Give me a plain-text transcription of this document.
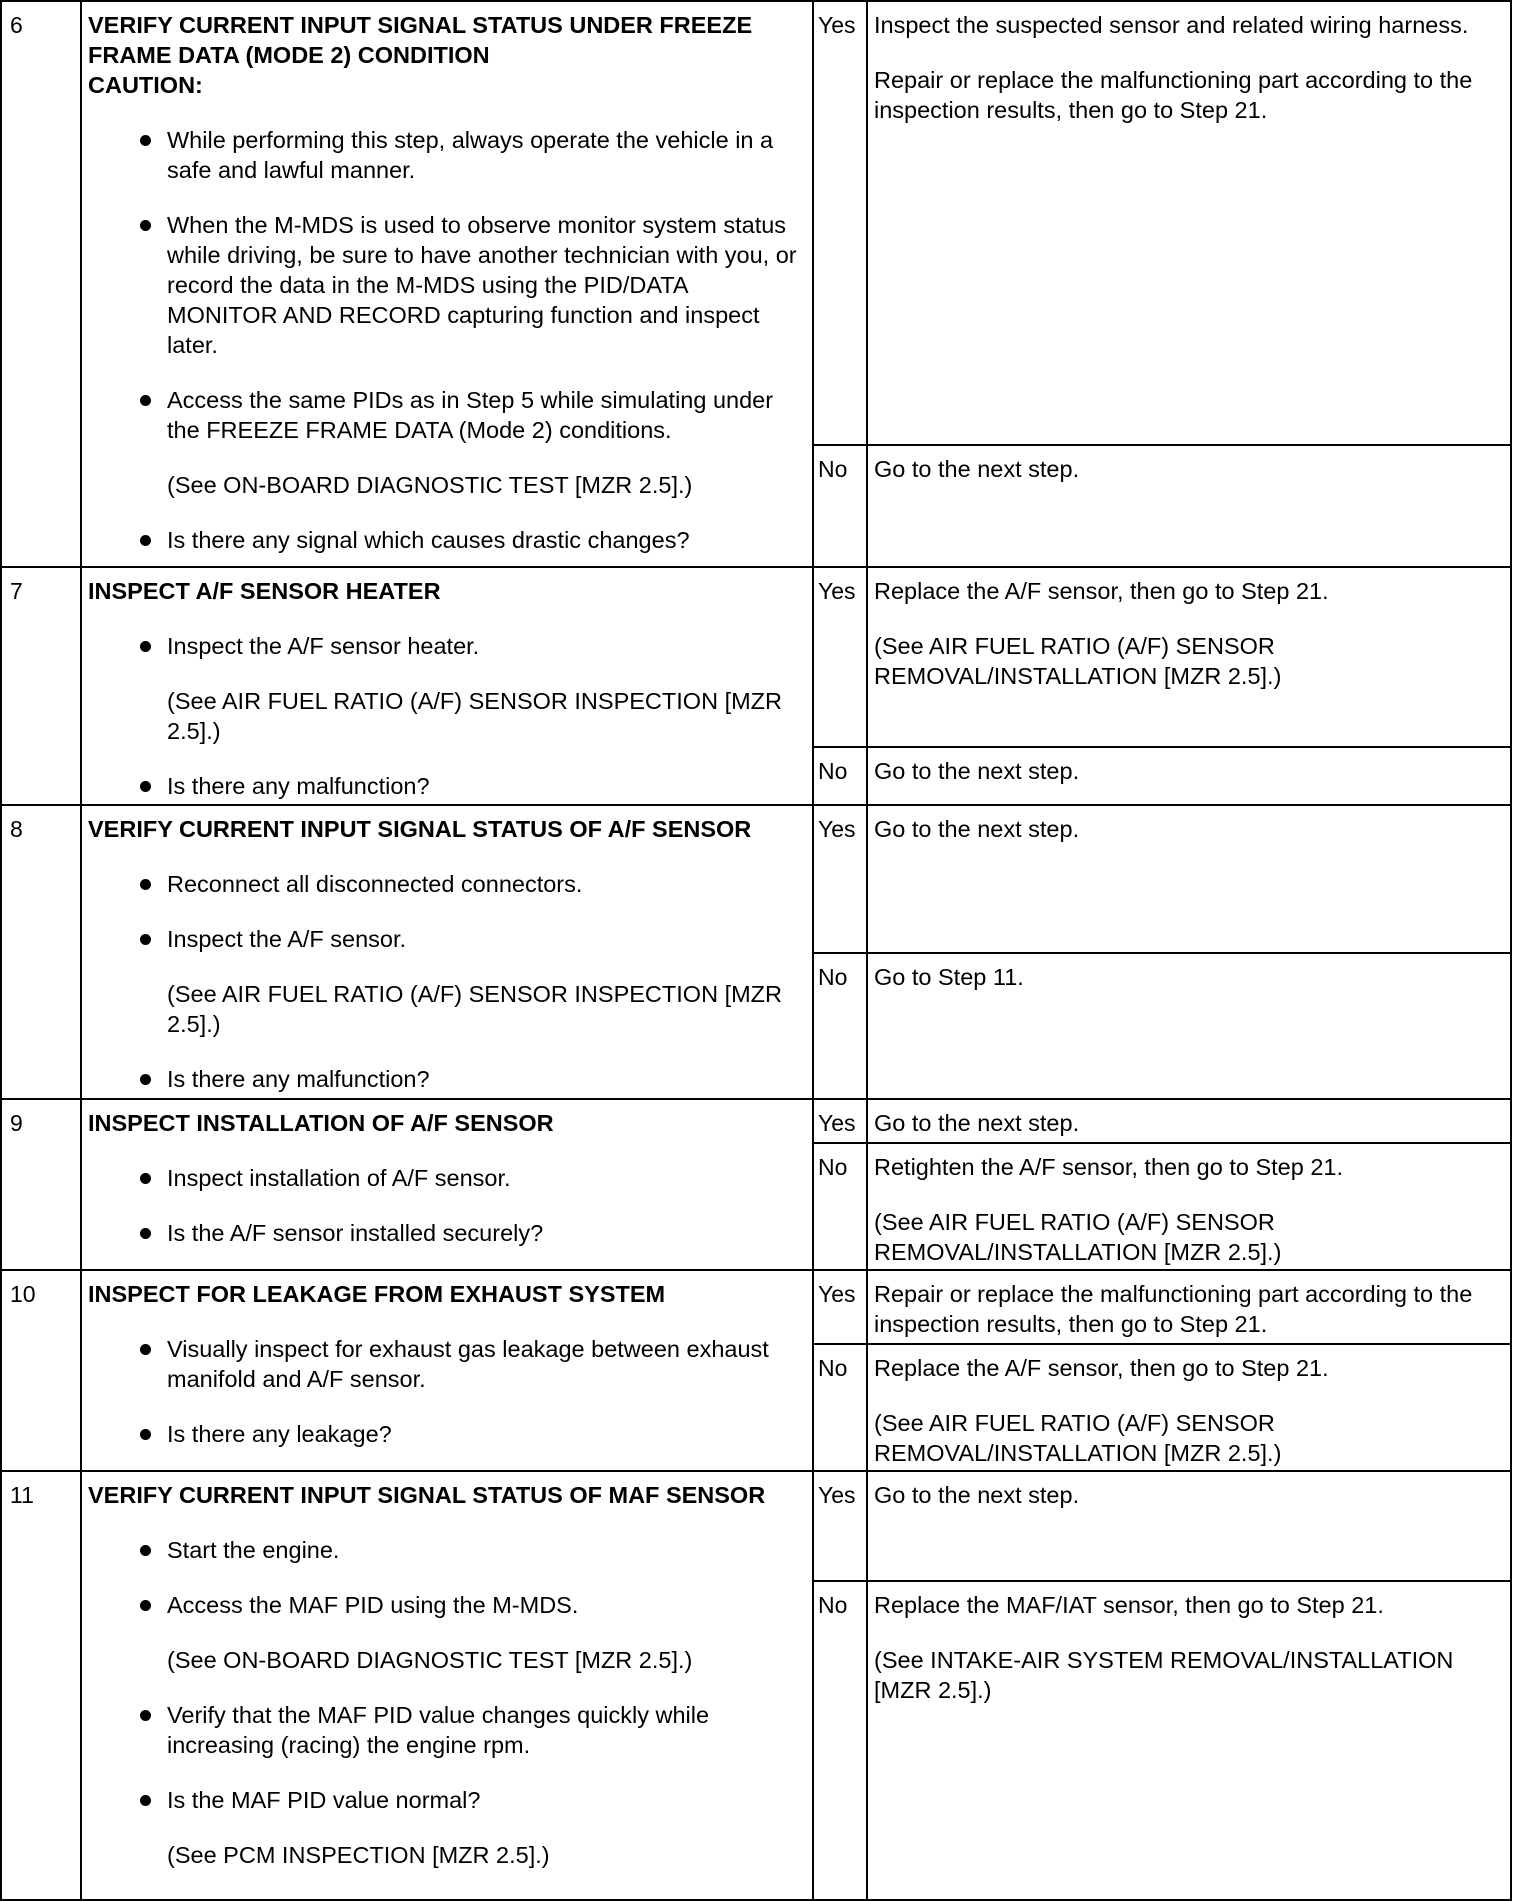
6	VERIFY CURRENT INPUT SIGNAL STATUS UNDER FREEZE FRAME DATA (MODE 2) CONDITION
CAUTION:
While performing this step, always operate the vehicle in a safe and lawful manner.
When the M-MDS is used to observe monitor system status while driving, be sure to have another technician with you, or record the data in the M-MDS using the PID/DATA MONITOR AND RECORD capturing function and inspect later.
Access the same PIDs as in Step 5 while simulating under the FREEZE FRAME DATA (Mode 2) conditions.
(See ON-BOARD DIAGNOSTIC TEST [MZR 2.5].)
Is there any signal which causes drastic changes?
Yes Inspect the suspected sensor and related wiring harness.

Repair or replace the malfunctioning part according to the inspection results, then go to Step 21.

No	Go to the next step.

7	INSPECT A/F SENSOR HEATER
Inspect the A/F sensor heater.
(See AIR FUEL RATIO (A/F) SENSOR INSPECTION [MZR 2.5].)
Is there any malfunction?
Yes Replace the A/F sensor, then go to Step 21.

(See AIR FUEL RATIO (A/F) SENSOR REMOVAL/INSTALLATION [MZR 2.5].)

No	Go to the next step.

8	VERIFY CURRENT INPUT SIGNAL STATUS OF A/F SENSOR
Reconnect all disconnected connectors.
Inspect the A/F sensor.
(See AIR FUEL RATIO (A/F) SENSOR INSPECTION [MZR 2.5].)
Is there any malfunction?
Yes Go to the next step.

No	Go to Step 11.

9	INSPECT INSTALLATION OF A/F SENSOR
Inspect installation of A/F sensor.
Is the A/F sensor installed securely?
Yes Go to the next step.

No	Retighten the A/F sensor, then go to Step 21.

(See AIR FUEL RATIO (A/F) SENSOR REMOVAL/INSTALLATION [MZR 2.5].)

10 INSPECT FOR LEAKAGE FROM EXHAUST SYSTEM
Visually inspect for exhaust gas leakage between exhaust manifold and A/F sensor.
Is there any leakage?
Yes Repair or replace the malfunctioning part according to the inspection results, then go to Step 21.

No	Replace the A/F sensor, then go to Step 21.

(See AIR FUEL RATIO (A/F) SENSOR REMOVAL/INSTALLATION [MZR 2.5].)

11 VERIFY CURRENT INPUT SIGNAL STATUS OF MAF SENSOR
Start the engine.
Access the MAF PID using the M-MDS.
(See ON-BOARD DIAGNOSTIC TEST [MZR 2.5].)
Verify that the MAF PID value changes quickly while increasing (racing) the engine rpm.
Is the MAF PID value normal?
(See PCM INSPECTION [MZR 2.5].)
Yes Go to the next step.

No	Replace the MAF/IAT sensor, then go to Step 21.

(See INTAKE-AIR SYSTEM REMOVAL/INSTALLATION [MZR 2.5].)
